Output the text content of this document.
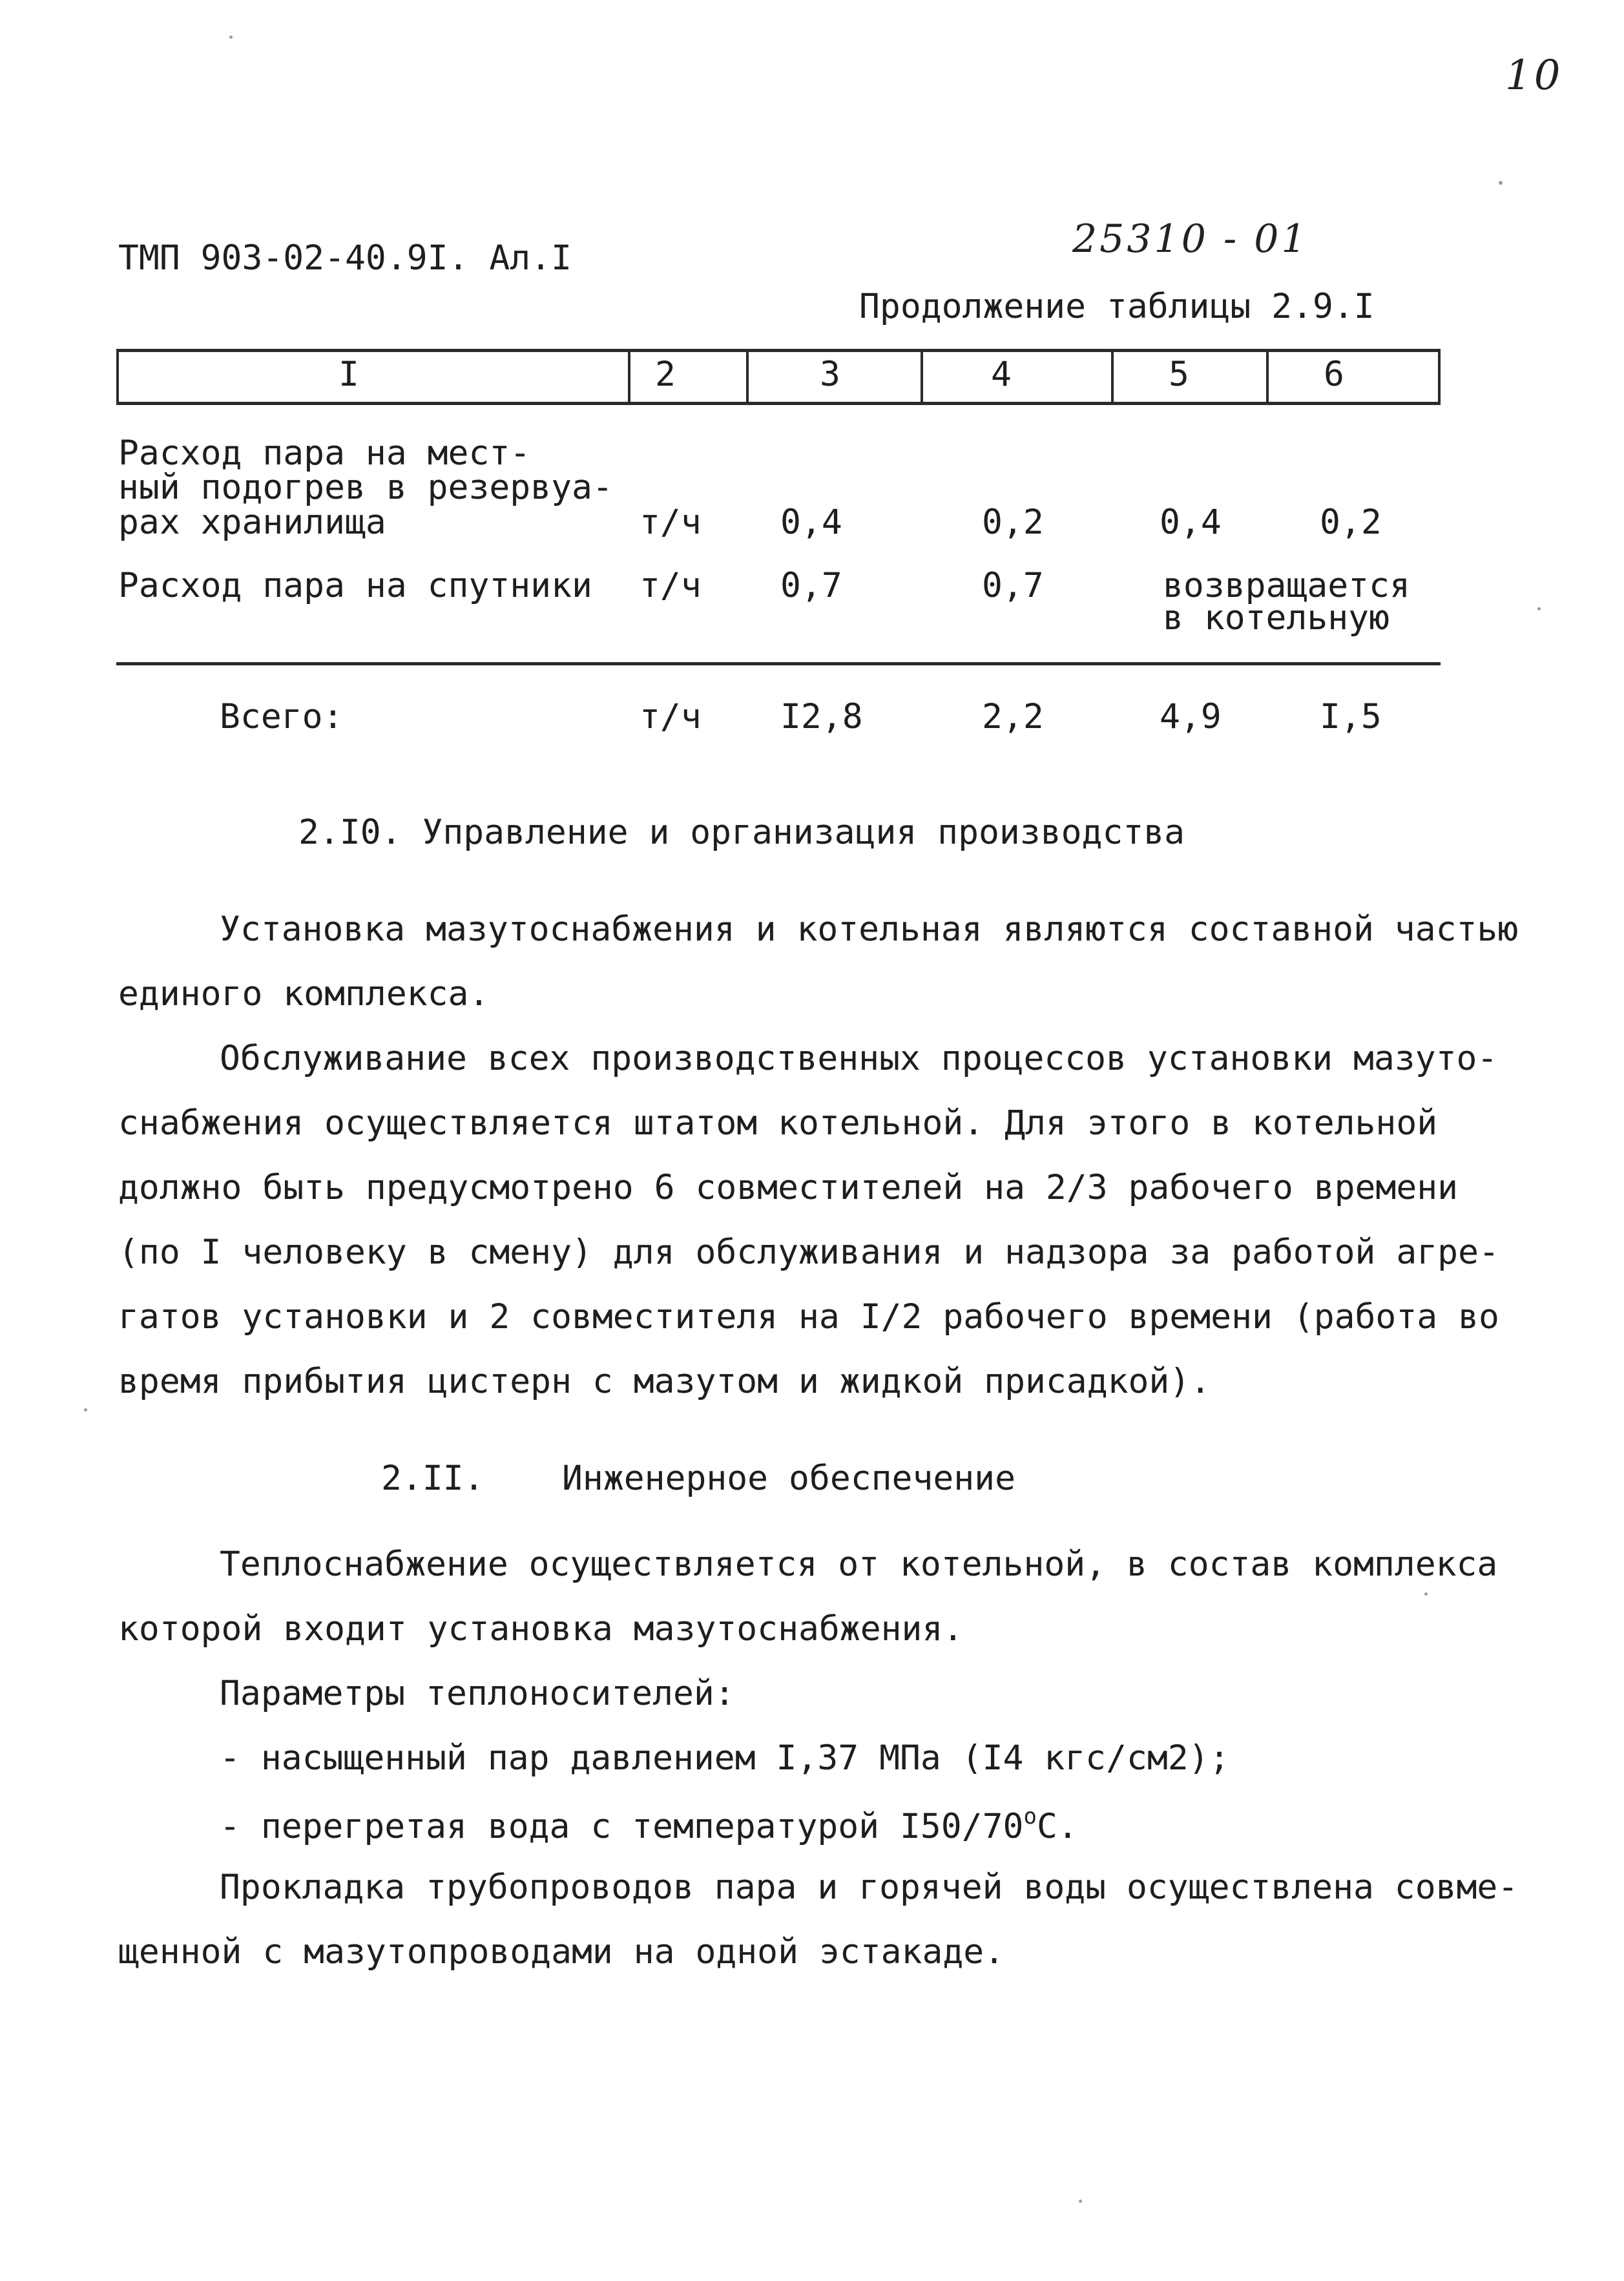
10
ТМП 903-02-40.9I. Ал.I	25310 - 01
Продолжение таблицы 2.9.I
I	2	3	4	5	6
Расход пара на мест-
ный подогрев в резервуа-
рах хранилища	т/ч 0,4	0,2	0,4	0,2
Расход пара на спутники т/ч 0,7	0,7	возвращается
в котельную
Всего:	т/ч I2,8	2,2	4,9	I,5
2.I0. Управление и организация производства
Установка мазутоснабжения и котельная являются составной частью
единого комплекса.
Обслуживание всех производственных процессов установки мазуто-
снабжения осуществляется штатом котельной. Для этого в котельной
должно быть предусмотрено 6 совместителей на 2/3 рабочего времени
(по I человеку в смену) для обслуживания и надзора за работой агре-
гатов установки и 2 совместителя на I/2 рабочего времени (работа во
время прибытия цистерн с мазутом и жидкой присадкой).
2.II. Инженерное обеспечение
Теплоснабжение осуществляется от котельной, в состав комплекса
которой входит установка мазутоснабжения.
Параметры теплоносителей:
- насыщенный пар давлением I,37 МПа (I4 кгс/см2);
- перегретая вода с температурой I50/70$^o$C.
Прокладка трубопроводов пара и горячей воды осуществлена совме-
щенной с мазутопроводами на одной эстакаде.
